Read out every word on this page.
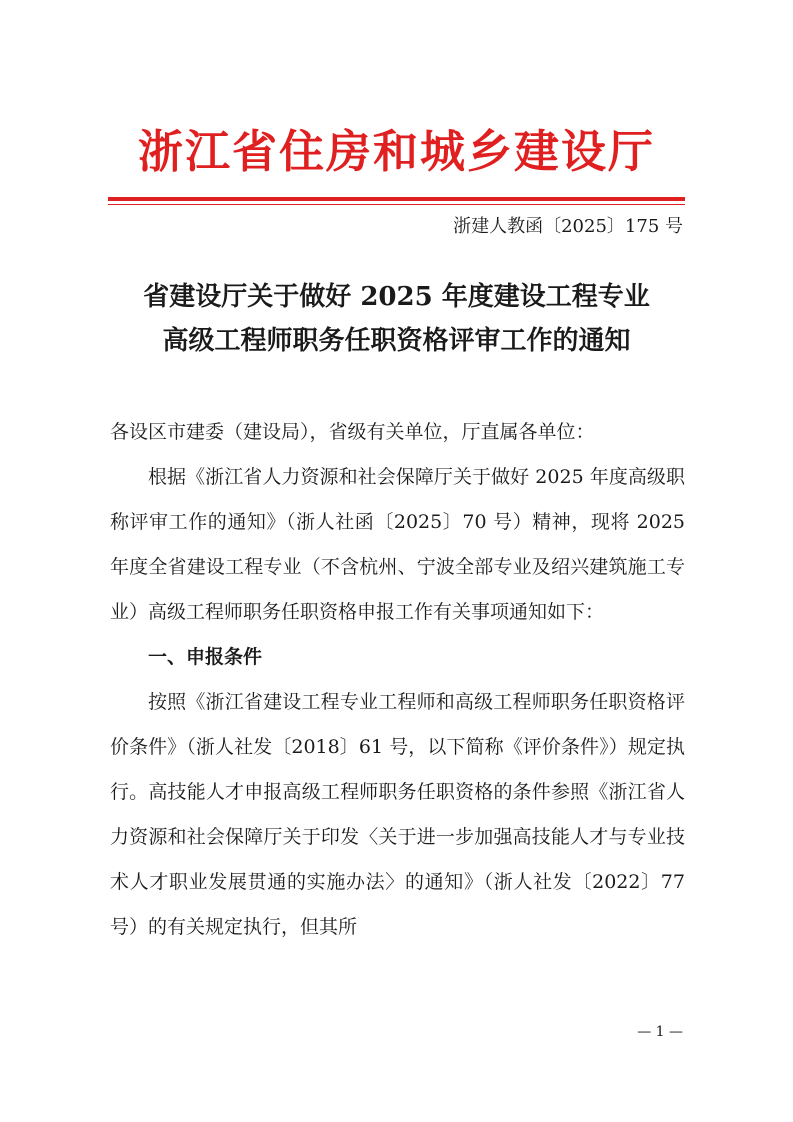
浙江省住房和城乡建设厅
浙建人教函〔2025〕175 号
省建设厅关于做好 2025 年度建设工程专业
高级工程师职务任职资格评审工作的通知

各设区市建委（建设局），省级有关单位，厅直属各单位：

根据《浙江省人力资源和社会保障厅关于做好 2025 年度高级职称评审工作的通知》（浙人社函〔2025〕70 号）精神，现将 2025 年度全省建设工程专业（不含杭州、宁波全部专业及绍兴建筑施工专业）高级工程师职务任职资格申报工作有关事项通知如下：

一、申报条件

按照《浙江省建设工程专业工程师和高级工程师职务任职资格评价条件》（浙人社发〔2018〕61 号，以下简称《评价条件》）规定执行。高技能人才申报高级工程师职务任职资格的条件参照《浙江省人力资源和社会保障厅关于印发〈关于进一步加强高技能人才与专业技术人才职业发展贯通的实施办法〉的通知》（浙人社发〔2022〕77 号）的有关规定执行，但其所

— 1 —
